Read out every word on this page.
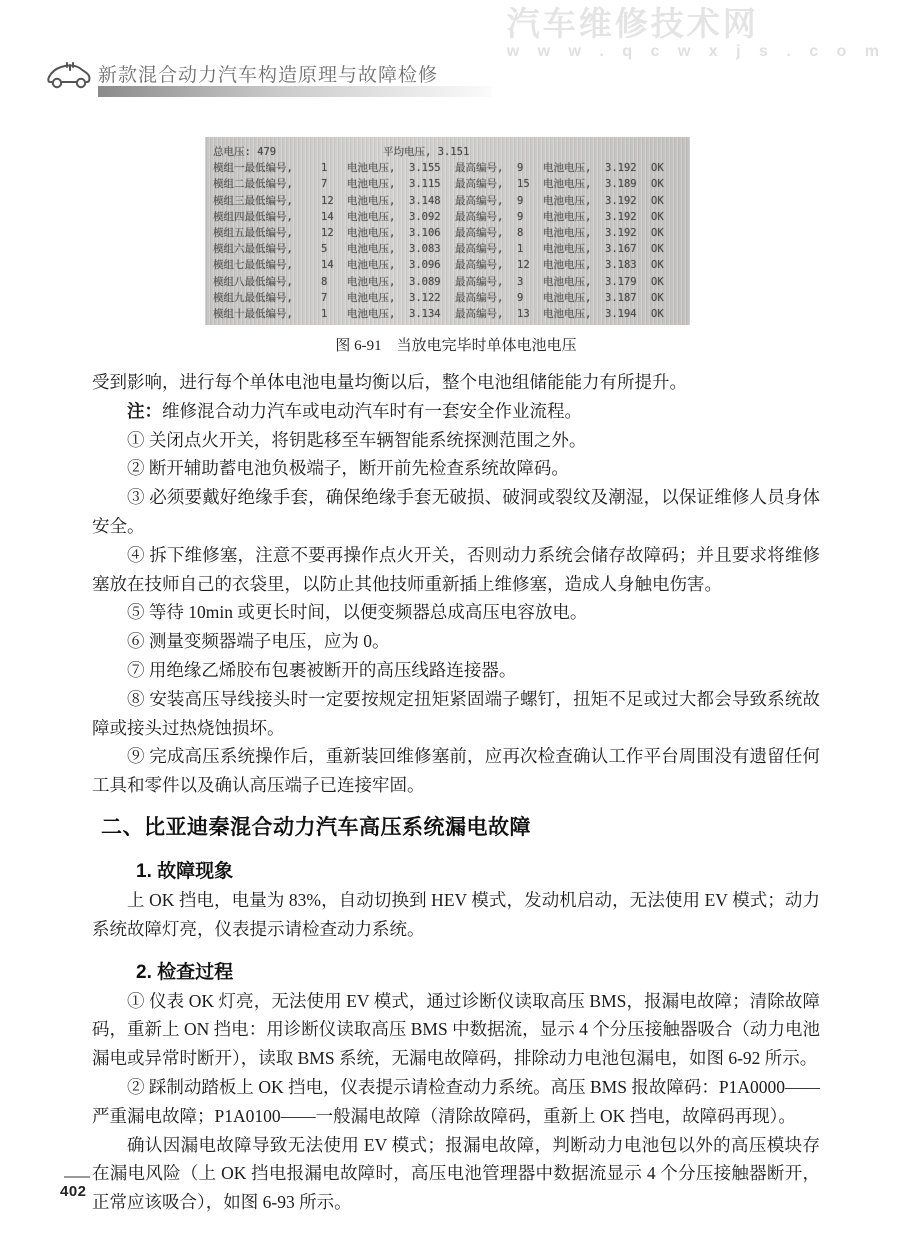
汽车维修技术网
w w w . q c w x j s . c o m
新款混合动力汽车构造原理与故障检修
总电压: 479	平均电压, 3.151
模组一最低编号,	1	电池电压,	3.155	最高编号,	9	电池电压,	3.192	OK
模组二最低编号,	7	电池电压,	3.115	最高编号,	15	电池电压,	3.189	OK
模组三最低编号,	12	电池电压,	3.148	最高编号,	9	电池电压,	3.192	OK
模组四最低编号,	14	电池电压,	3.092	最高编号,	9	电池电压,	3.192	OK
模组五最低编号,	12	电池电压,	3.106	最高编号,	8	电池电压,	3.192	OK
模组六最低编号,	5	电池电压,	3.083	最高编号,	1	电池电压,	3.167	OK
模组七最低编号,	14	电池电压,	3.096	最高编号,	12	电池电压,	3.183	OK
模组八最低编号,	8	电池电压,	3.089	最高编号,	3	电池电压,	3.179	OK
模组九最低编号,	7	电池电压,	3.122	最高编号,	9	电池电压,	3.187	OK
模组十最低编号,	1	电池电压,	3.134	最高编号,	13	电池电压,	3.194	OK
图 6-91　当放电完毕时单体电池电压

受到影响，进行每个单体电池电量均衡以后，整个电池组储能能力有所提升。

注：维修混合动力汽车或电动汽车时有一套安全作业流程。

① 关闭点火开关，将钥匙移至车辆智能系统探测范围之外。

② 断开辅助蓄电池负极端子，断开前先检查系统故障码。

③ 必须要戴好绝缘手套，确保绝缘手套无破损、破洞或裂纹及潮湿，以保证维修人员身体安全。

④ 拆下维修塞，注意不要再操作点火开关，否则动力系统会储存故障码；并且要求将维修塞放在技师自己的衣袋里，以防止其他技师重新插上维修塞，造成人身触电伤害。

⑤ 等待 10min 或更长时间，以便变频器总成高压电容放电。

⑥ 测量变频器端子电压，应为 0。

⑦ 用绝缘乙烯胶布包裹被断开的高压线路连接器。

⑧ 安装高压导线接头时一定要按规定扭矩紧固端子螺钉，扭矩不足或过大都会导致系统故障或接头过热烧蚀损坏。

⑨ 完成高压系统操作后，重新装回维修塞前，应再次检查确认工作平台周围没有遗留任何工具和零件以及确认高压端子已连接牢固。

二、比亚迪秦混合动力汽车高压系统漏电故障
1. 故障现象

上 OK 挡电，电量为 83%，自动切换到 HEV 模式，发动机启动，无法使用 EV 模式；动力系统故障灯亮，仪表提示请检查动力系统。

2. 检查过程

① 仪表 OK 灯亮，无法使用 EV 模式，通过诊断仪读取高压 BMS，报漏电故障；清除故障码，重新上 ON 挡电：用诊断仪读取高压 BMS 中数据流，显示 4 个分压接触器吸合（动力电池漏电或异常时断开），读取 BMS 系统，无漏电故障码，排除动力电池包漏电，如图 6-92 所示。

② 踩制动踏板上 OK 挡电，仪表提示请检查动力系统。高压 BMS 报故障码：P1A0000——严重漏电故障；P1A0100——一般漏电故障（清除故障码，重新上 OK 挡电，故障码再现）。

确认因漏电故障导致无法使用 EV 模式；报漏电故障，判断动力电池包以外的高压模块存在漏电风险（上 OK 挡电报漏电故障时，高压电池管理器中数据流显示 4 个分压接触器断开，正常应该吸合），如图 6-93 所示。

402
